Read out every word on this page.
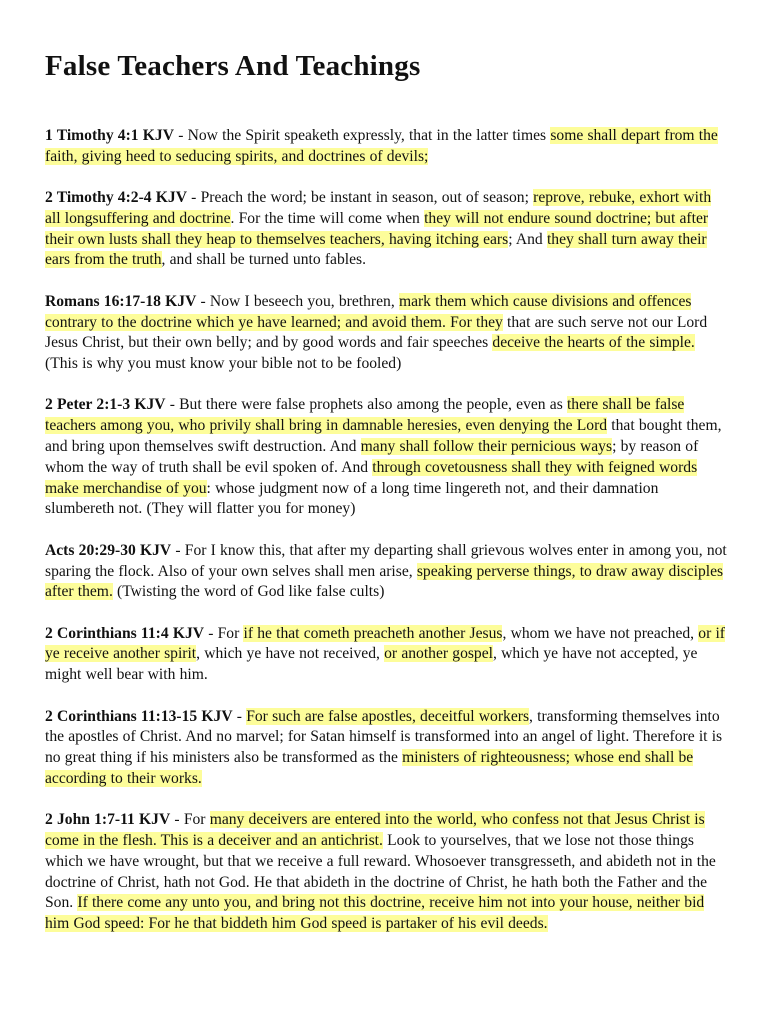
False Teachers And Teachings

1 Timothy 4:1 KJV - Now the Spirit speaketh expressly, that in the latter times some shall depart from the faith, giving heed to seducing spirits, and doctrines of devils;

2 Timothy 4:2-4 KJV - Preach the word; be instant in season, out of season; reprove, rebuke, exhort with all longsuffering and doctrine. For the time will come when they will not endure sound doctrine; but after their own lusts shall they heap to themselves teachers, having itching ears; And they shall turn away their ears from the truth, and shall be turned unto fables.

Romans 16:17-18 KJV - Now I beseech you, brethren, mark them which cause divisions and offences contrary to the doctrine which ye have learned; and avoid them. For they that are such serve not our Lord Jesus Christ, but their own belly; and by good words and fair speeches deceive the hearts of the simple. (This is why you must know your bible not to be fooled)

2 Peter 2:1-3 KJV - But there were false prophets also among the people, even as there shall be false teachers among you, who privily shall bring in damnable heresies, even denying the Lord that bought them, and bring upon themselves swift destruction. And many shall follow their pernicious ways; by reason of whom the way of truth shall be evil spoken of. And through covetousness shall they with feigned words make merchandise of you: whose judgment now of a long time lingereth not, and their damnation slumbereth not. (They will flatter you for money)

Acts 20:29-30 KJV - For I know this, that after my departing shall grievous wolves enter in among you, not sparing the flock. Also of your own selves shall men arise, speaking perverse things, to draw away disciples after them. (Twisting the word of God like false cults)

2 Corinthians 11:4 KJV - For if he that cometh preacheth another Jesus, whom we have not preached, or if ye receive another spirit, which ye have not received, or another gospel, which ye have not accepted, ye might well bear with him.

2 Corinthians 11:13-15 KJV - For such are false apostles, deceitful workers, transforming themselves into the apostles of Christ. And no marvel; for Satan himself is transformed into an angel of light. Therefore it is no great thing if his ministers also be transformed as the ministers of righteousness; whose end shall be according to their works.

2 John 1:7-11 KJV - For many deceivers are entered into the world, who confess not that Jesus Christ is come in the flesh. This is a deceiver and an antichrist. Look to yourselves, that we lose not those things which we have wrought, but that we receive a full reward. Whosoever transgresseth, and abideth not in the doctrine of Christ, hath not God. He that abideth in the doctrine of Christ, he hath both the Father and the Son. If there come any unto you, and bring not this doctrine, receive him not into your house, neither bid him God speed: For he that biddeth him God speed is partaker of his evil deeds.
